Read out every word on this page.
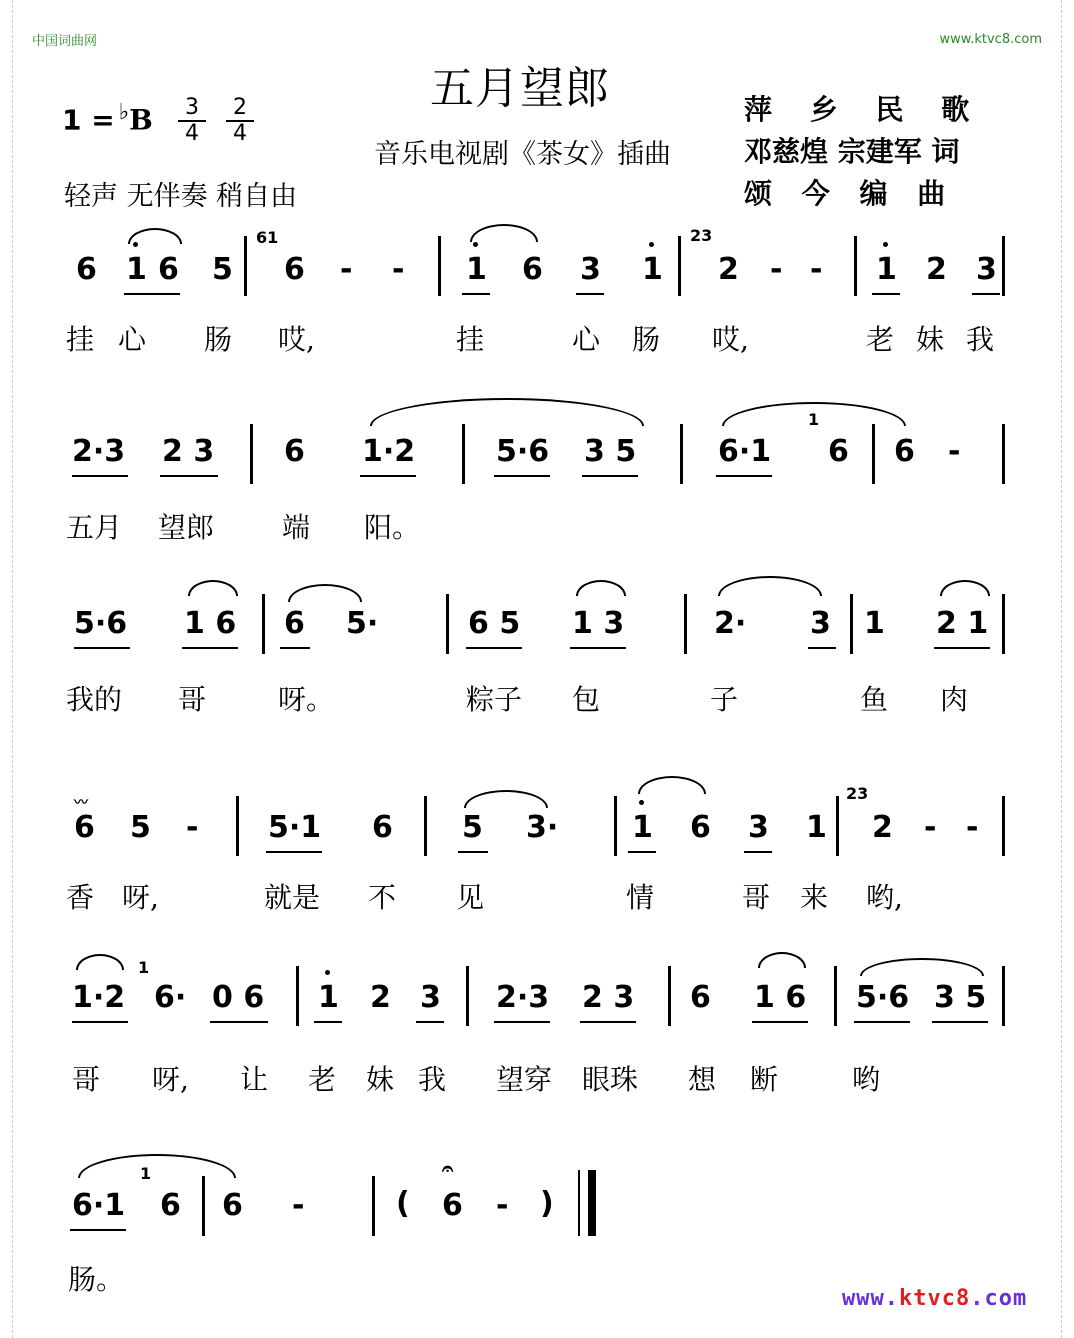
中国词曲网	www.ktvc8.com
五月望郎
$1 = ^♭B \frac{3}{4} \frac{2}{4}$
音乐电视剧《茶女》插曲
轻声 无伴奏 稍自由
萍 乡 民 歌
邓慈煌 宗建军 词
颂 今 编 曲
6 1 6 5
61
6 - - 1 6 3 1
23
2 - - 1 2 3
挂 心 肠 哎,	挂	心 肠 哎,	老 妹 我
2·3 2 3 6 1·2	5·6 3 5	6·1
1
6 6 -
五月 望郎 端 阳。
5·6 1 6 6 5·	6 5 1 3	2· 3 1 2 1
我的 哥	呀。	粽子 包	子	鱼 肉
〰
6 5 - 5·1 6 5 3· 1 6 3 1
23
2 - -
香 呀,	就是 不 见	情	哥 来 哟,
1·2
1
6· 0 6 1 2 3 2·3 2 3 6 1 6 5·6 3 5
哥 呀, 让 老 妹 我 望穿 眼珠 想 断	哟
6·1
1
6 6 -	(
𝄐
6 - )
肠。
www.ktvc8.com
